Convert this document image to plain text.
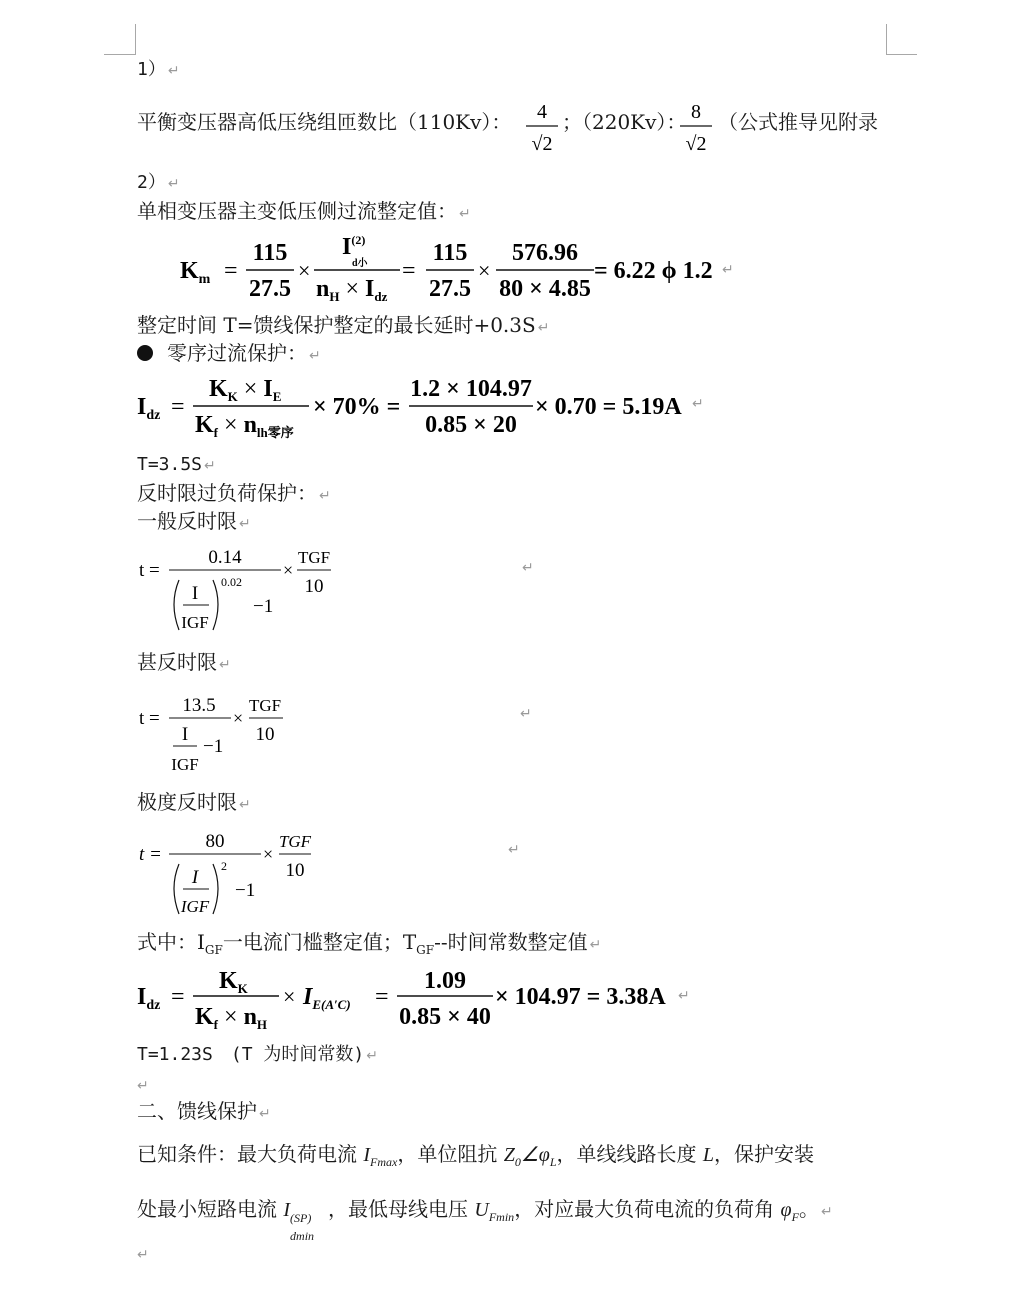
1） ↵
平衡变压器高低压绕组匝数比（110Kv）： 4
√2
；（220Kv）： 8
√2
（公式推导见附录
2） ↵
单相变压器主变低压侧过流整定值： ↵
$K_m$ =
115
27.5
×
$I^{(2)}$
d小
$n_H \times I_{dz}$
=
115
27.5
×
576.96
80 × 4.85
= 6.22 ϕ 1.2 ↵
整定时间 T=馈线保护整定的最长延时+0.3S ↵
零序过流保护： ↵
$I_{dz}$ =
$K_K \times I_E$
$K_f \times n_{lh零序}$
× 70% =
1.2 × 104.97
0.85 × 20
× 0.70 = 5.19A ↵
T=3.5S ↵
反时限过负荷保护： ↵
一般反时限 ↵
t =
0.14
I
IGF
0.02
−1
×
TGF
10
↵
甚反时限 ↵
t =
13.5
I
IGF
−1
×
TGF
10
↵
极度反时限 ↵
t =
80
I
IGF
2
−1
×
TGF
10
↵
式中：$I_{GF}$一电流门槛整定值；$T_{GF}--$时间常数整定值 ↵
$I_{dz}$ =
$K_K$
$K_f \times n_H$
× $I_{E(A'C)}$ =
1.09
0.85 × 40
× 104.97 = 3.38A ↵
T=1.23S　(T 为时间常数) ↵
↵
二、馈线保护 ↵
已知条件：最大负荷电流 $I_{Fmax}$，单位阻抗 $Z_0\angle\varphi_L$，单线线路长度 L，保护安装
处最小短路电流 I (SP)
dmin
，最低母线电压 $U_{Fmin}$，对应最大负荷电流的负荷角 $\varphi_F$。 ↵
↵
